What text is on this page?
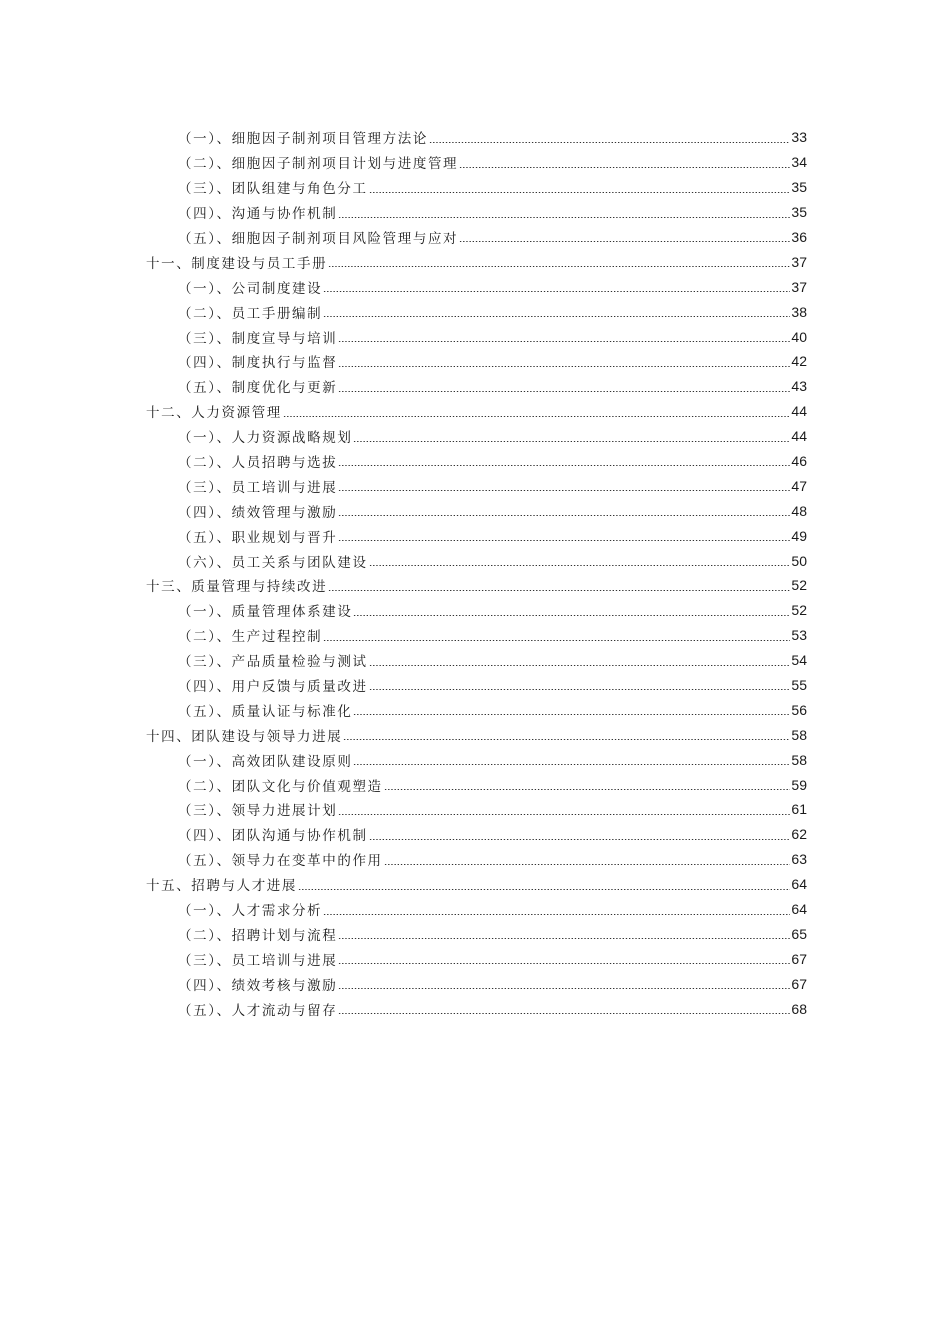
（一）、细胞因子制剂项目管理方法论	33
（二）、细胞因子制剂项目计划与进度管理	34
（三）、团队组建与角色分工	35
（四）、沟通与协作机制	35
（五）、细胞因子制剂项目风险管理与应对	36
十一、制度建设与员工手册	37
（一）、公司制度建设	37
（二）、员工手册编制	38
（三）、制度宣导与培训	40
（四）、制度执行与监督	42
（五）、制度优化与更新	43
十二、人力资源管理	44
（一）、人力资源战略规划	44
（二）、人员招聘与选拔	46
（三）、员工培训与进展	47
（四）、绩效管理与激励	48
（五）、职业规划与晋升	49
（六）、员工关系与团队建设	50
十三、质量管理与持续改进	52
（一）、质量管理体系建设	52
（二）、生产过程控制	53
（三）、产品质量检验与测试	54
（四）、用户反馈与质量改进	55
（五）、质量认证与标准化	56
十四、团队建设与领导力进展	58
（一）、高效团队建设原则	58
（二）、团队文化与价值观塑造	59
（三）、领导力进展计划	61
（四）、团队沟通与协作机制	62
（五）、领导力在变革中的作用	63
十五、招聘与人才进展	64
（一）、人才需求分析	64
（二）、招聘计划与流程	65
（三）、员工培训与进展	67
（四）、绩效考核与激励	67
（五）、人才流动与留存	68
